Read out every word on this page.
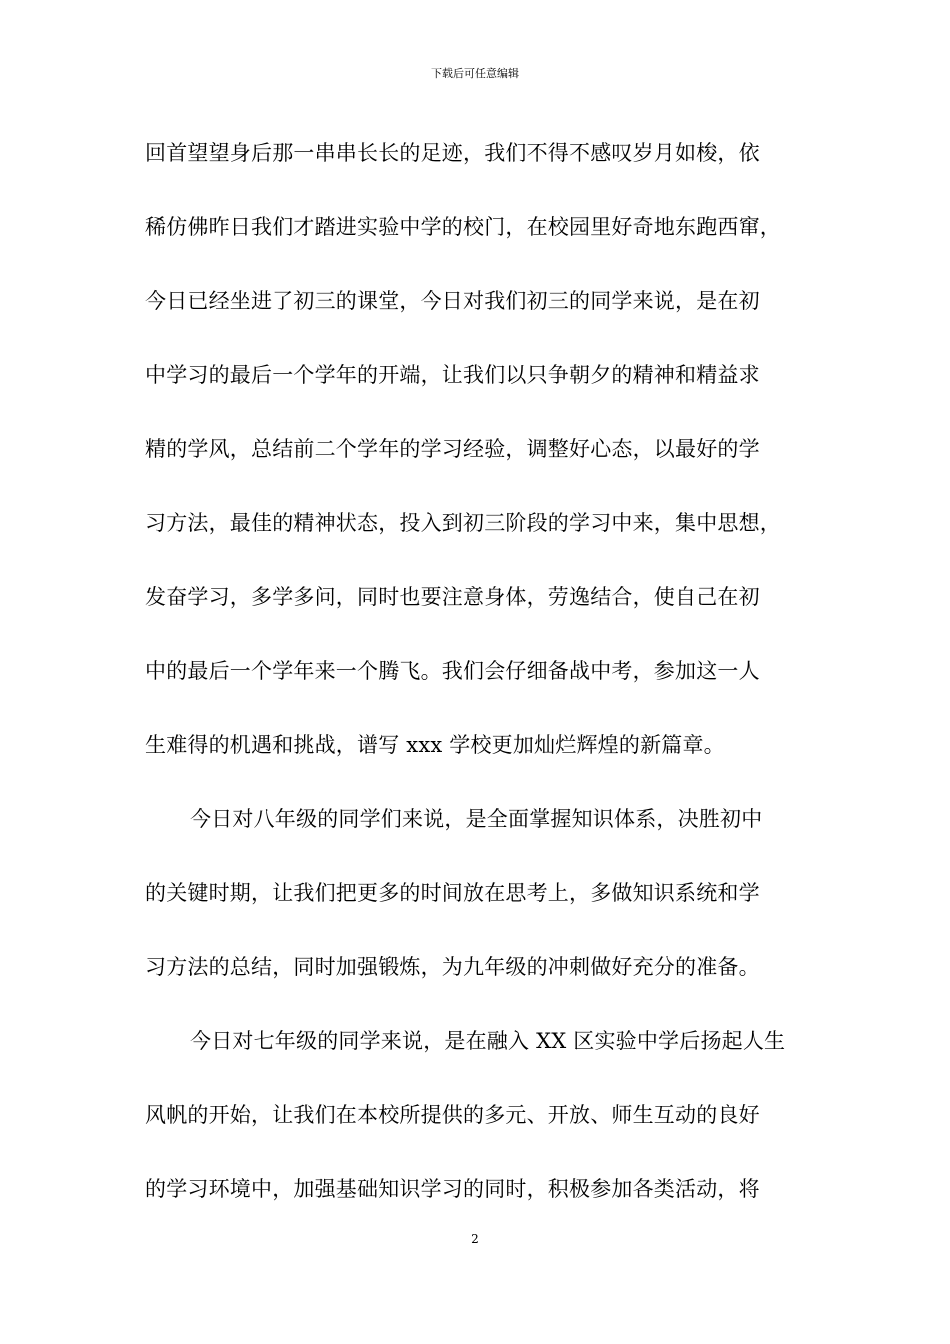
下载后可任意编辑
回首望望身后那一串串长长的足迹，我们不得不感叹岁月如梭，依
稀仿佛昨日我们才踏进实验中学的校门，在校园里好奇地东跑西窜，
今日已经坐进了初三的课堂，今日对我们初三的同学来说，是在初
中学习的最后一个学年的开端，让我们以只争朝夕的精神和精益求
精的学风，总结前二个学年的学习经验，调整好心态，以最好的学
习方法，最佳的精神状态，投入到初三阶段的学习中来，集中思想，
发奋学习，多学多问，同时也要注意身体，劳逸结合，使自己在初
中的最后一个学年来一个腾飞。我们会仔细备战中考，参加这一人
生难得的机遇和挑战，谱写 xxx 学校更加灿烂辉煌的新篇章。
今日对八年级的同学们来说，是全面掌握知识体系，决胜初中
的关键时期，让我们把更多的时间放在思考上，多做知识系统和学
习方法的总结，同时加强锻炼，为九年级的冲刺做好充分的准备。
今日对七年级的同学来说，是在融入 XX 区实验中学后扬起人生
风帆的开始，让我们在本校所提供的多元、开放、师生互动的良好
的学习环境中，加强基础知识学习的同时，积极参加各类活动，将
2
